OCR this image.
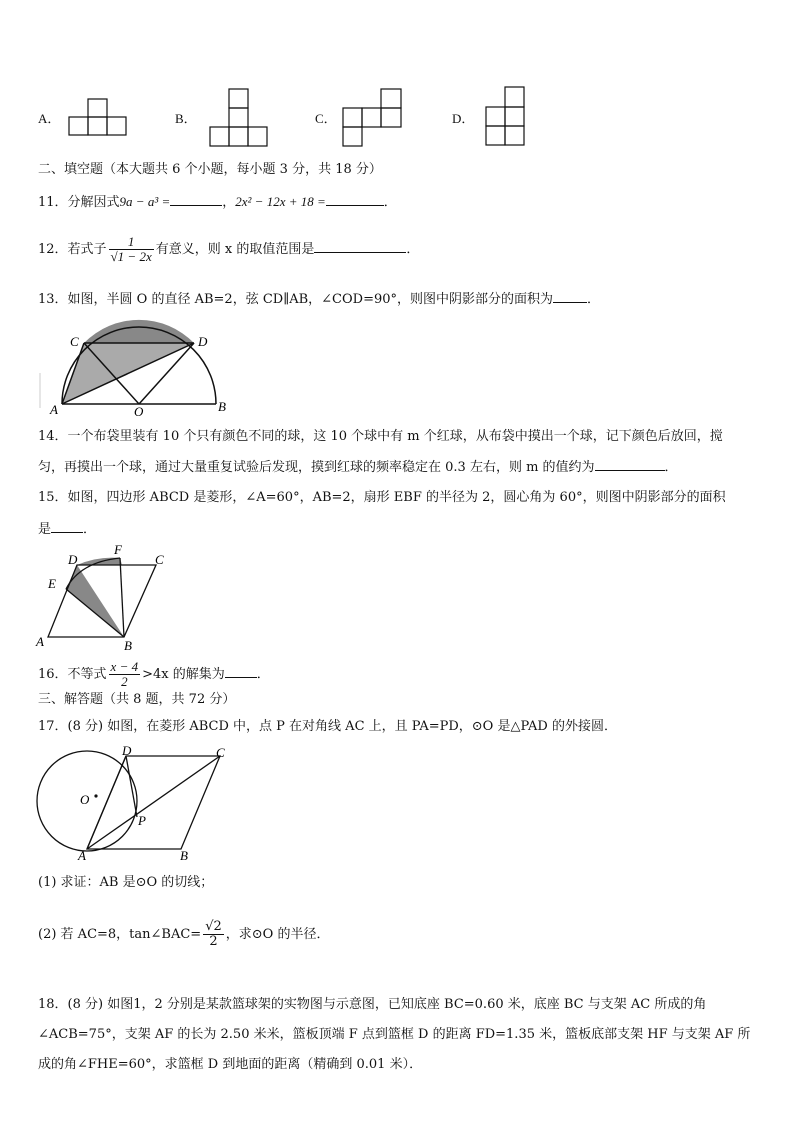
A．	B．	C．	D．
二、填空题（本大题共 6 个小题，每小题 3 分，共 18 分）
11．分解因式9a − a³ =	，2x² − 12x + 18 =	．
12．若式子 $\frac{1}{√1 - 2x}$ 有意义，则 x 的取值范围是	．
13．如图，半圆 O 的直径 AB=2，弦 CD∥AB，∠COD=90°，则图中阴影部分的面积为	．
A	B
C	D
O
14．一个布袋里装有 10 个只有颜色不同的球，这 10 个球中有 m 个红球，从布袋中摸出一个球，记下颜色后放回，搅
匀，再摸出一个球，通过大量重复试验后发现，摸到红球的频率稳定在 0.3 左右，则 m 的值约为	．
15．如图，四边形 ABCD 是菱形，∠A=60°，AB=2，扇形 EBF 的半径为 2，圆心角为 60°，则图中阴影部分的面积
是 ．
A	B
C
D
E
F
16．不等式 $\frac{x - 4}{2} >4x$ 的解集为 ．
三、解答题（共 8 题，共 72 分）
17．(8 分) 如图，在菱形 ABCD 中，点 P 在对角线 AC 上，且 PA=PD，⊙O 是△PAD 的外接圆．
O
A	B
C
D
P
(1) 求证：AB 是⊙O 的切线；
(2) 若 AC=8，tan∠BAC= $\frac{√2}{2}$ ，求⊙O 的半径．
18．(8 分) 如图1，2 分别是某款篮球架的实物图与示意图，已知底座 BC=0.60 米，底座 BC 与支架 AC 所成的角
∠ACB=75°，支架 AF 的长为 2.50 米米，篮板顶端 F 点到篮框 D 的距离 FD=1.35 米，篮板底部支架 HF 与支架 AF 所
成的角∠FHE=60°，求篮框 D 到地面的距离（精确到 0.01 米）．
